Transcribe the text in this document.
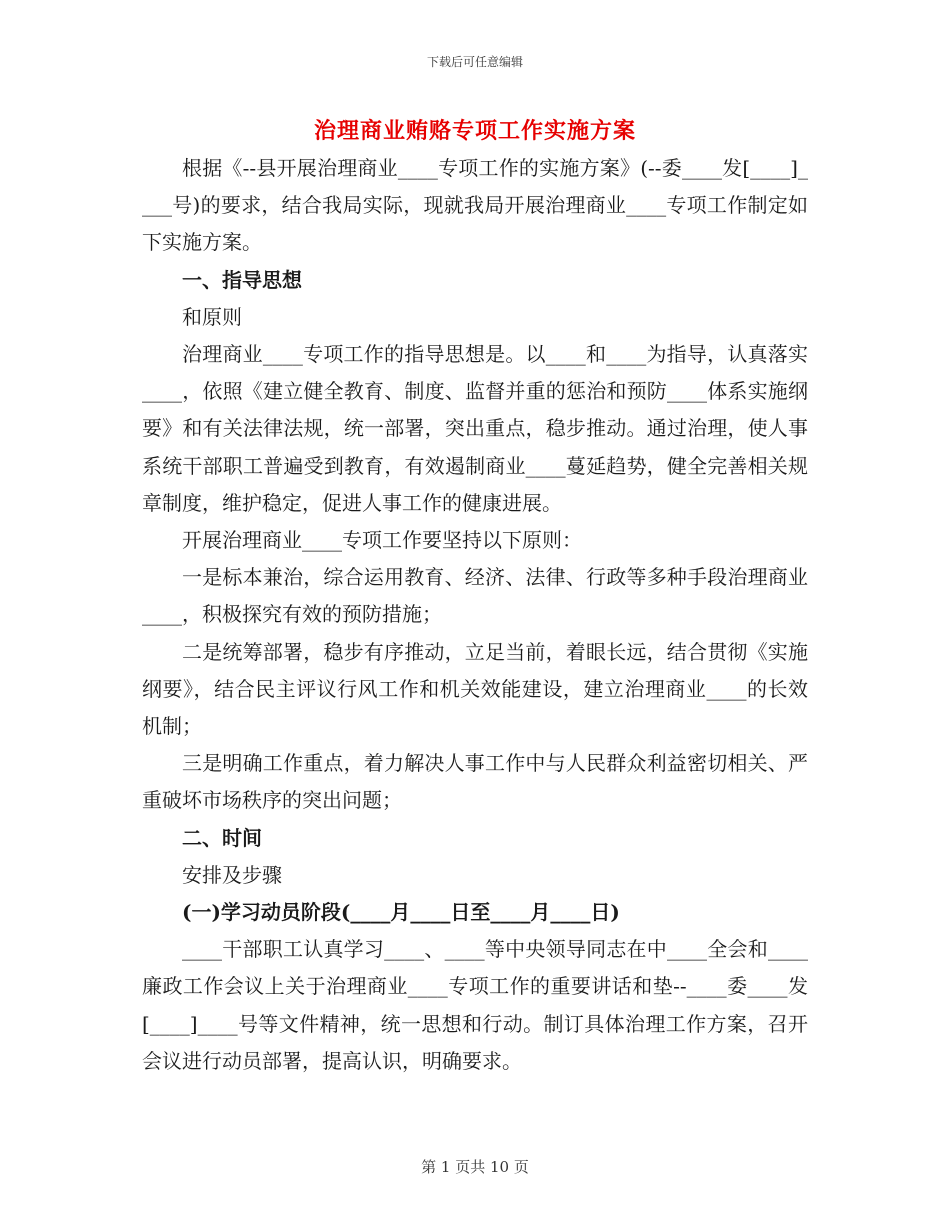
下载后可任意编辑
治理商业贿赂专项工作实施方案

根据《--县开展治理商业____专项工作的实施方案》(--委____发[____]____号)的要求，结合我局实际，现就我局开展治理商业____专项工作制定如下实施方案。

一、指导思想

和原则

治理商业____专项工作的指导思想是。以____和____为指导，认真落实____，依照《建立健全教育、制度、监督并重的惩治和预防____体系实施纲要》和有关法律法规，统一部署，突出重点，稳步推动。通过治理，使人事系统干部职工普遍受到教育，有效遏制商业____蔓延趋势，健全完善相关规章制度，维护稳定，促进人事工作的健康进展。

开展治理商业____专项工作要坚持以下原则：

一是标本兼治，综合运用教育、经济、法律、行政等多种手段治理商业____，积极探究有效的预防措施；

二是统筹部署，稳步有序推动，立足当前，着眼长远，结合贯彻《实施纲要》，结合民主评议行风工作和机关效能建设，建立治理商业____的长效机制；

三是明确工作重点，着力解决人事工作中与人民群众利益密切相关、严重破坏市场秩序的突出问题；

二、时间

安排及步骤

(一)学习动员阶段(____月____日至____月____日)

____干部职工认真学习____、____等中央领导同志在中____全会和____廉政工作会议上关于治理商业____专项工作的重要讲话和垫--____委____发[____]____号等文件精神，统一思想和行动。制订具体治理工作方案，召开会议进行动员部署，提高认识，明确要求。

第 1 页共 10 页
